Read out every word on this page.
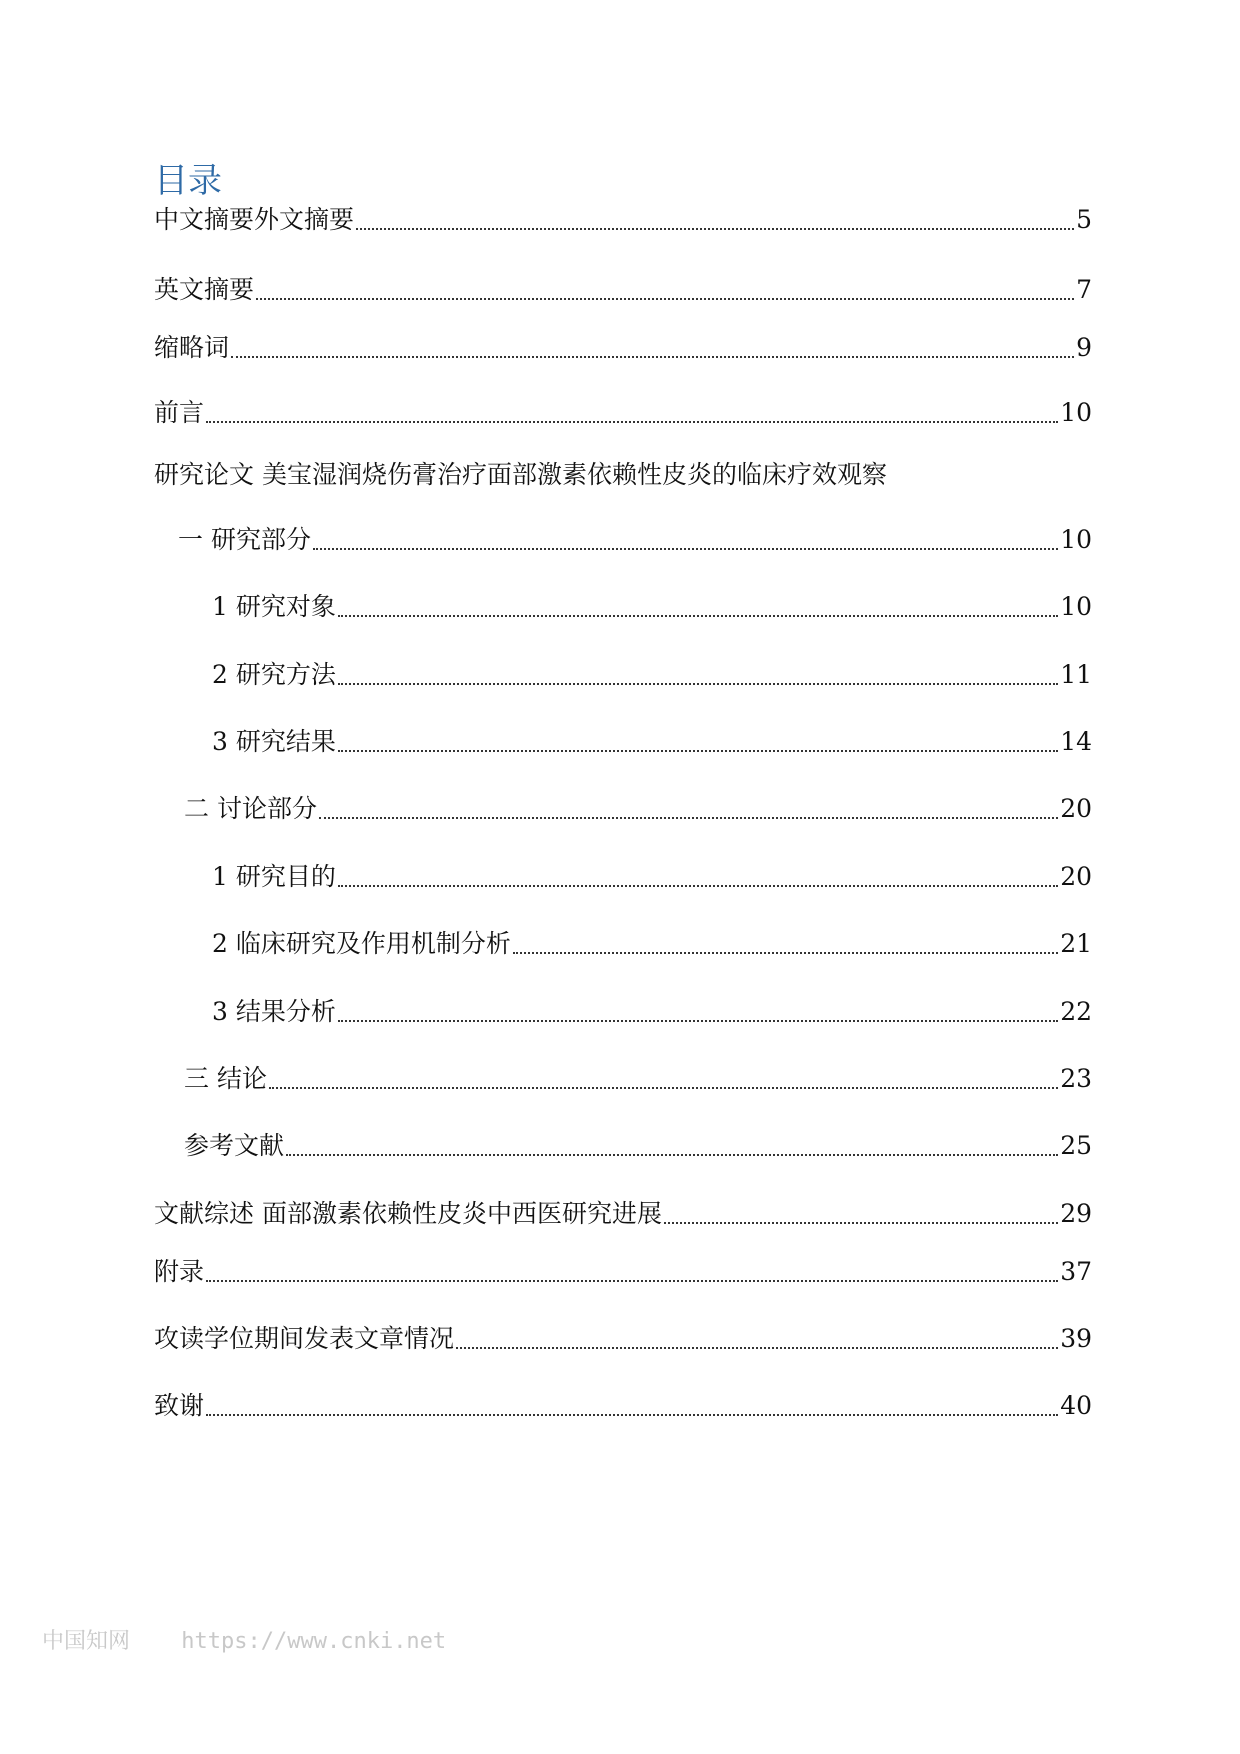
目录
中文摘要外文摘要	5
英文摘要	7
缩略词	9
前言	10
研究论文 美宝湿润烧伤膏治疗面部激素依赖性皮炎的临床疗效观察
一 研究部分	10
1 研究对象	10
2 研究方法	11
3 研究结果	14
二 讨论部分	20
1 研究目的	20
2 临床研究及作用机制分析	21
3 结果分析	22
三 结论	23
参考文献	25
文献综述 面部激素依赖性皮炎中西医研究进展	29
附录	37
攻读学位期间发表文章情况	39
致谢	40
中国知网 https://www.cnki.net
